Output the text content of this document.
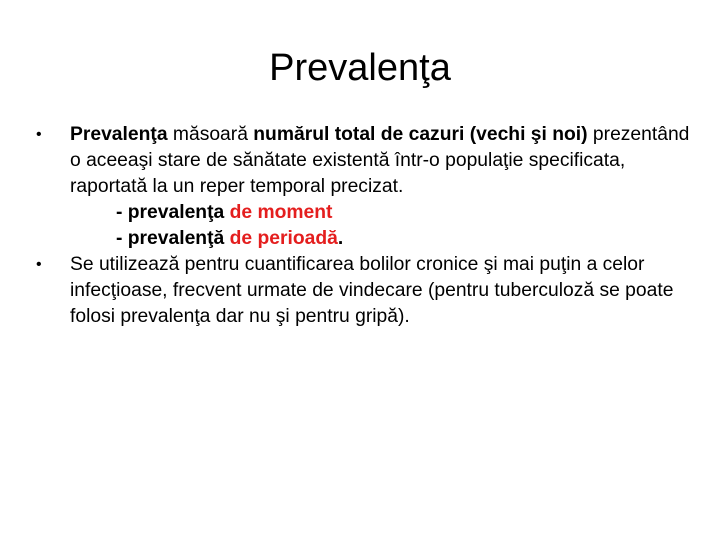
Prevalenţa
•	Prevalenţa măsoară numărul total de cazuri (vechi şi noi) prezentând o aceeaşi stare de sănătate existentă într-o populaţie specificata, raportată la un reper temporal precizat.
- prevalenţa de moment
- prevalenţă de perioadă.
•	Se utilizează pentru cuantificarea bolilor cronice şi mai puţin a celor infecţioase, frecvent urmate de vindecare (pentru tuberculoză se poate folosi prevalenţa dar nu şi pentru gripă).
